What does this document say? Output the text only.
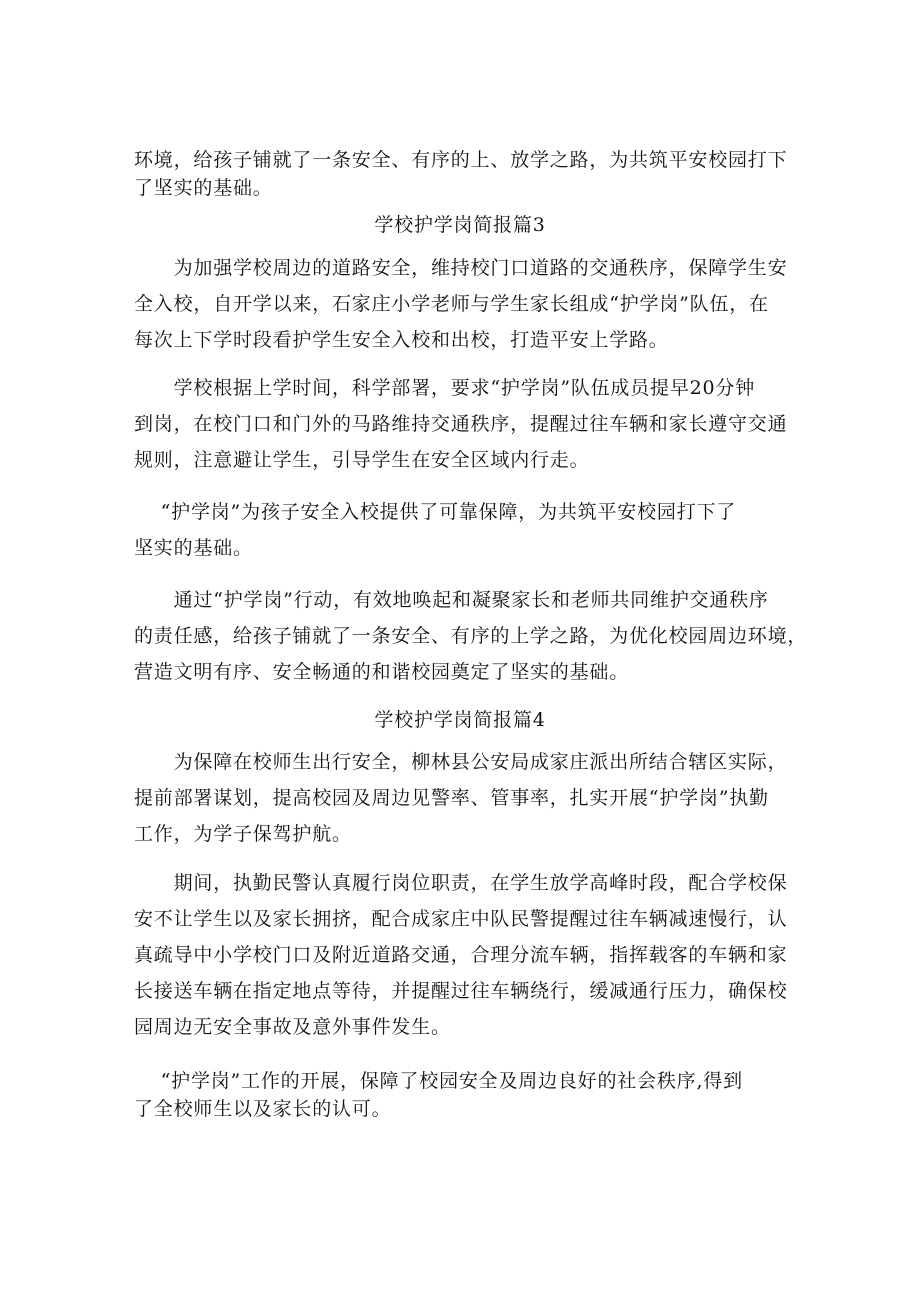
环境，给孩子铺就了一条安全、有序的上、放学之路，为共筑平安校园打下
了坚实的基础。

学校护学岗简报篇3

　　为加强学校周边的道路安全，维持校门口道路的交通秩序，保障学生安
全入校，自开学以来，石家庄小学老师与学生家长组成“护学岗”队伍，在
每次上下学时段看护学生安全入校和出校，打造平安上学路。

　　学校根据上学时间，科学部署，要求“护学岗”队伍成员提早20分钟
到岗，在校门口和门外的马路维持交通秩序，提醒过往车辆和家长遵守交通
规则，注意避让学生，引导学生在安全区域内行走。

　 “护学岗”为孩子安全入校提供了可靠保障，为共筑平安校园打下了
坚实的基础。

　　通过“护学岗”行动，有效地唤起和凝聚家长和老师共同维护交通秩序
的责任感，给孩子铺就了一条安全、有序的上学之路，为优化校园周边环境，
营造文明有序、安全畅通的和谐校园奠定了坚实的基础。

学校护学岗简报篇4

　　为保障在校师生出行安全，柳林县公安局成家庄派出所结合辖区实际，
提前部署谋划，提高校园及周边见警率、管事率，扎实开展“护学岗”执勤
工作，为学子保驾护航。

　　期间，执勤民警认真履行岗位职责，在学生放学高峰时段，配合学校保
安不让学生以及家长拥挤，配合成家庄中队民警提醒过往车辆减速慢行，认
真疏导中小学校门口及附近道路交通，合理分流车辆，指挥载客的车辆和家
长接送车辆在指定地点等待，并提醒过往车辆绕行，缓减通行压力，确保校
园周边无安全事故及意外事件发生。

　 “护学岗”工作的开展，保障了校园安全及周边良好的社会秩序,得到
了全校师生以及家长的认可。
